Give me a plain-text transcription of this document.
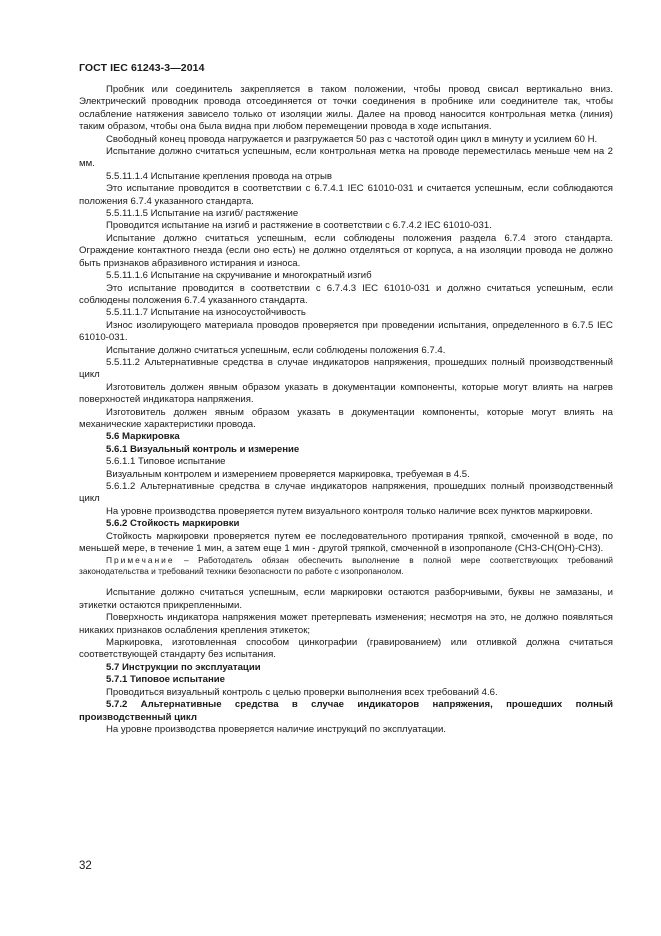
ГОСТ IEC 61243-3—2014

Пробник или соединитель закрепляется в таком положении, чтобы провод свисал вертикально вниз. Электрический проводник провода отсоединяется от точки соединения в пробнике или соединителе так, чтобы ослабление натяжения зависело только от изоляции жилы. Далее на провод наносится контрольная метка (линия) таким образом, чтобы она была видна при любом перемещении провода в ходе испытания.

Свободный конец провода нагружается и разгружается 50 раз с частотой один цикл в минуту и усилием 60 Н.

Испытание должно считаться успешным, если контрольная метка на проводе переместилась меньше чем на 2 мм.

5.5.11.1.4 Испытание крепления провода на отрыв

Это испытание проводится в соответствии с 6.7.4.1 IEC 61010-031 и считается успешным, если соблюдаются положения 6.7.4 указанного стандарта.

5.5.11.1.5 Испытание на изгиб/ растяжение

Проводится испытание на изгиб и растяжение в соответствии с 6.7.4.2 IEC 61010-031.

Испытание должно считаться успешным, если соблюдены положения раздела 6.7.4 этого стандарта. Ограждение контактного гнезда (если оно есть) не должно отделяться от корпуса, а на изоляции провода не должно быть признаков абразивного истирания и износа.

5.5.11.1.6 Испытание на скручивание и многократный изгиб

Это испытание проводится в соответствии с 6.7.4.3 IEC 61010-031 и должно считаться успешным, если соблюдены положения 6.7.4 указанного стандарта.

5.5.11.1.7 Испытание на износоустойчивость

Износ изолирующего материала проводов проверяется при проведении испытания, определенного в 6.7.5 IEC 61010-031.

Испытание должно считаться успешным, если соблюдены положения 6.7.4.

5.5.11.2 Альтернативные средства в случае индикаторов напряжения, прошедших полный производственный цикл

Изготовитель должен явным образом указать в документации компоненты, которые могут влиять на нагрев поверхностей индикатора напряжения.

Изготовитель должен явным образом указать в документации компоненты, которые могут влиять на механические характеристики провода.

5.6 Маркировка

5.6.1 Визуальный контроль и измерение

5.6.1.1 Типовое испытание

Визуальным контролем и измерением проверяется маркировка, требуемая в 4.5.

5.6.1.2 Альтернативные средства в случае индикаторов напряжения, прошедших полный производственный цикл

На уровне производства проверяется путем визуального контроля только наличие всех пунктов маркировки.

5.6.2 Стойкость маркировки

Стойкость маркировки проверяется путем ее последовательного протирания тряпкой, смоченной в воде, по меньшей мере, в течение 1 мин, а затем еще 1 мин - другой тряпкой, смоченной в изопропаноле (СН3-СН(ОН)-СН3).

Примечание – Работодатель обязан обеспечить выполнение в полной мере соответствующих требований законодательства и требований техники безопасности по работе с изопропанолом.

Испытание должно считаться успешным, если маркировки остаются разборчивыми, буквы не замазаны, и этикетки остаются прикрепленными.

Поверхность индикатора напряжения может претерпевать изменения; несмотря на это, не должно появляться никаких признаков ослабления крепления этикеток;

Маркировка, изготовленная способом цинкографии (гравированием) или отливкой должна считаться соответствующей стандарту без испытания.

5.7 Инструкции по эксплуатации

5.7.1 Типовое испытание

Проводиться визуальный контроль с целью проверки выполнения всех требований 4.6.

5.7.2 Альтернативные средства в случае индикаторов напряжения, прошедших полный производственный цикл

На уровне производства проверяется наличие инструкций по эксплуатации.

32
